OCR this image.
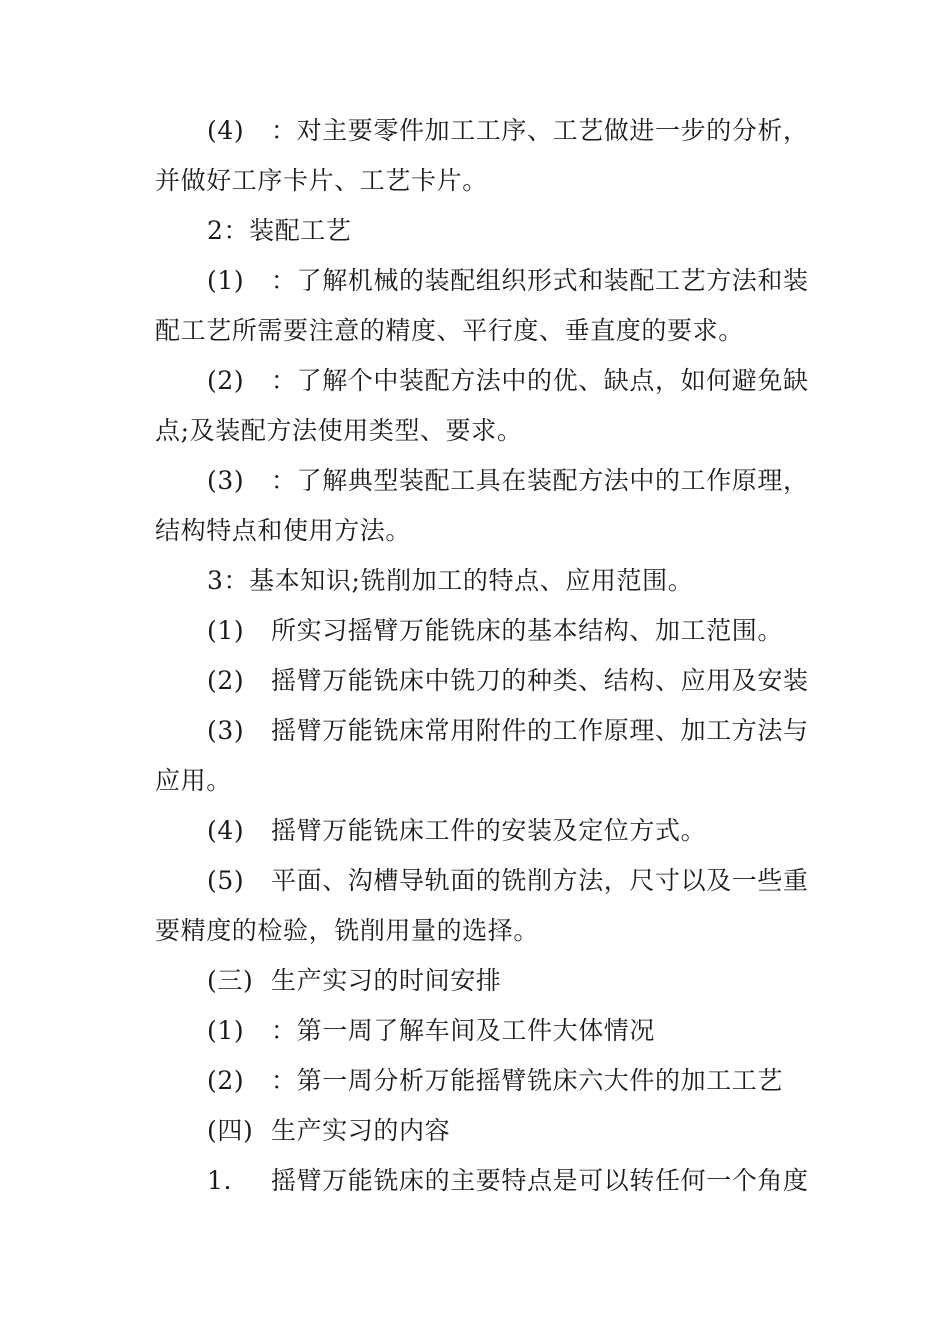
(4) ：对主要零件加工工序、工艺做进一步的分析，
并做好工序卡片、工艺卡片。
2：装配工艺
(1) ：了解机械的装配组织形式和装配工艺方法和装
配工艺所需要注意的精度、平行度、垂直度的要求。
(2) ：了解个中装配方法中的优、缺点，如何避免缺
点;及装配方法使用类型、要求。
(3) ：了解典型装配工具在装配方法中的工作原理，
结构特点和使用方法。
3：基本知识;铣削加工的特点、应用范围。
(1) 所实习摇臂万能铣床的基本结构、加工范围。
(2) 摇臂万能铣床中铣刀的种类、结构、应用及安装
(3) 摇臂万能铣床常用附件的工作原理、加工方法与
应用。
(4) 摇臂万能铣床工件的安装及定位方式。
(5) 平面、沟槽导轨面的铣削方法，尺寸以及一些重
要精度的检验，铣削用量的选择。
(三) 生产实习的时间安排
(1) ：第一周了解车间及工件大体情况
(2) ：第一周分析万能摇臂铣床六大件的加工工艺
(四) 生产实习的内容
1. 摇臂万能铣床的主要特点是可以转任何一个角度
